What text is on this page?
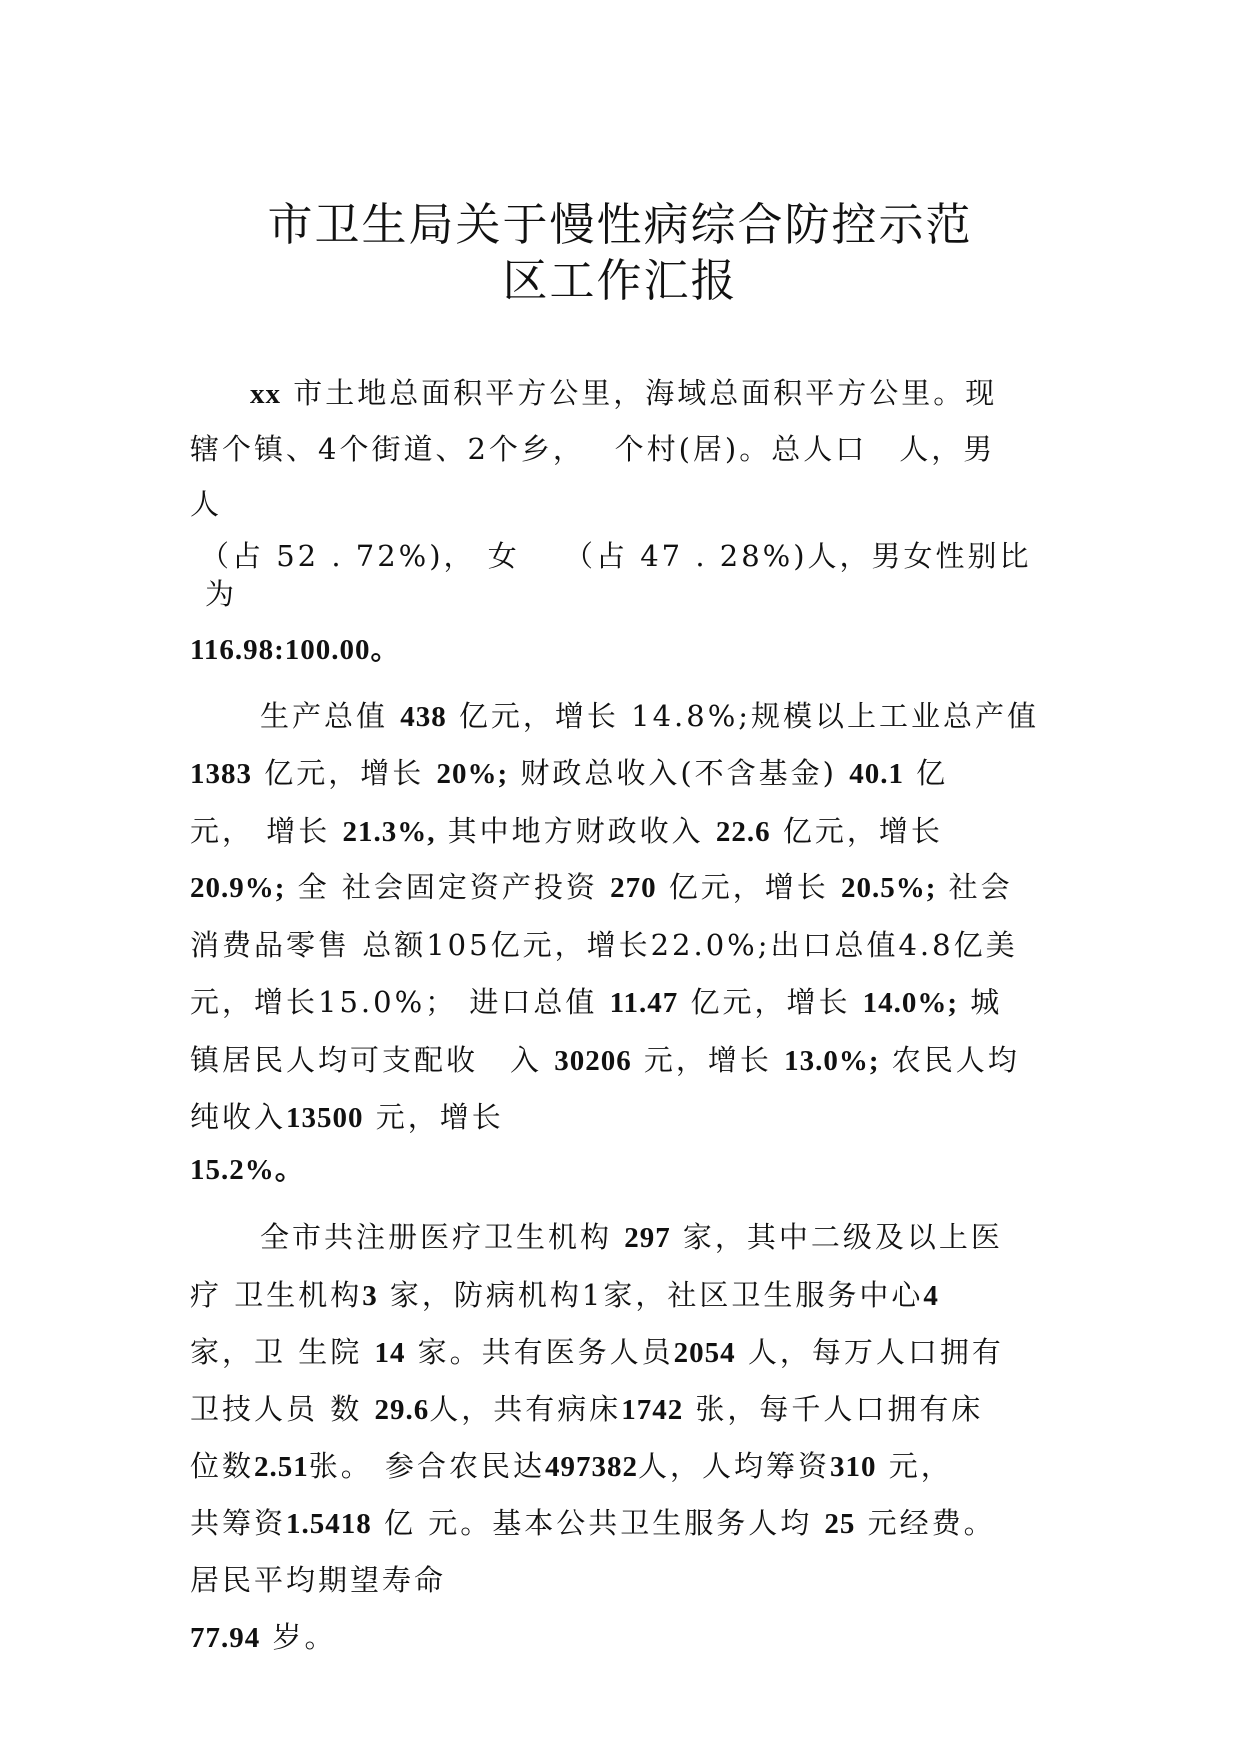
市卫生局关于慢性病综合防控示范
区工作汇报
xx 市土地总面积平方公里，海域总面积平方公里。现
辖个镇、4个街道、2个乡，　 个村(居)。总人口　人，男
人
（占 52 . 72%)， 女　 （占 47 . 28%)人，男女性别比
为
116.98:100.00。
生产总值 438 亿元，增长 14.8%;规模以上工业总产值
1383 亿元，增长 20%; 财政总收入(不含基金) 40.1 亿
元， 增长 21.3%, 其中地方财政收入 22.6 亿元，增长
20.9%; 全 社会固定资产投资 270 亿元，增长 20.5%; 社会
消费品零售 总额105亿元，增长22.0%;出口总值4.8亿美
元，增长15.0%； 进口总值 11.47 亿元，增长 14.0%; 城
镇居民人均可支配收　入 30206 元，增长 13.0%; 农民人均
纯收入13500 元，增长
15.2%。
全市共注册医疗卫生机构 297 家，其中二级及以上医
疗 卫生机构3 家，防病机构1家，社区卫生服务中心4
家，卫 生院 14 家。共有医务人员2054 人，每万人口拥有
卫技人员 数 29.6人，共有病床1742 张，每千人口拥有床
位数2.51张。 参合农民达497382人，人均筹资310 元，
共筹资1.5418 亿 元。基本公共卫生服务人均 25 元经费。
居民平均期望寿命
77.94 岁。
